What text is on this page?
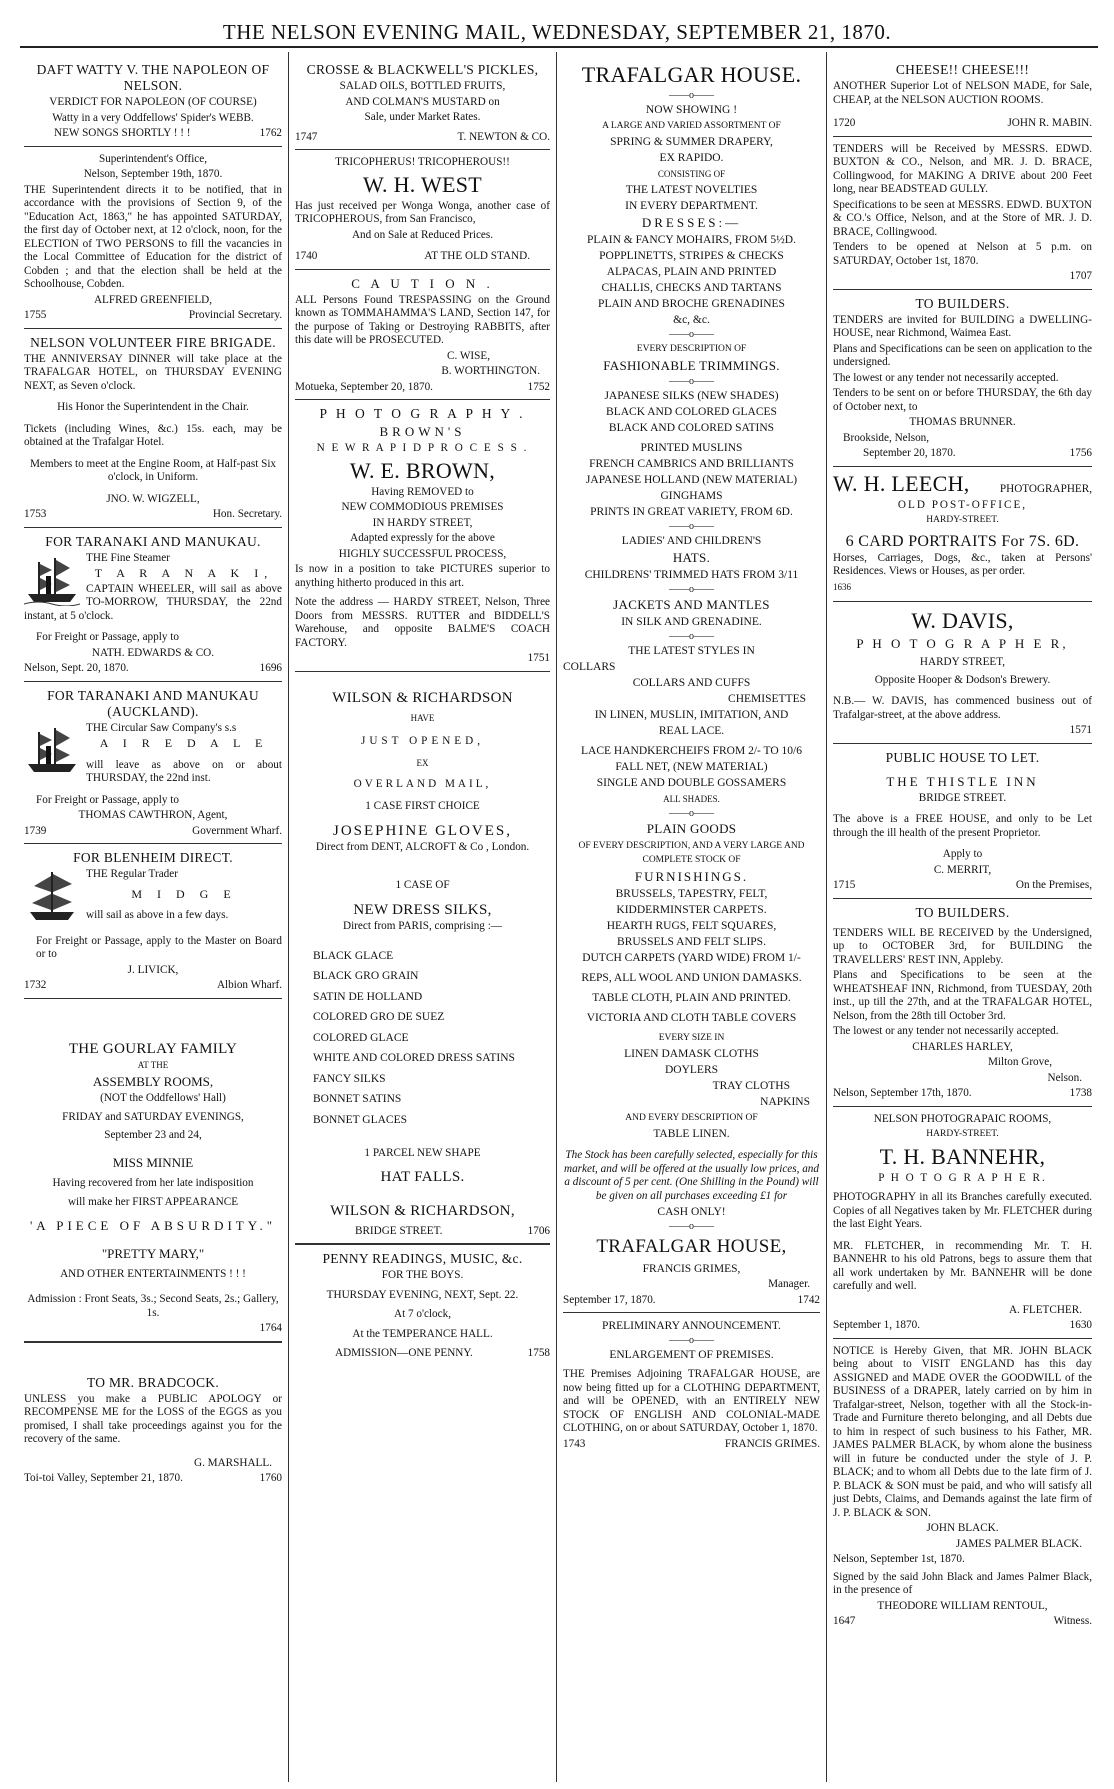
THE NELSON EVENING MAIL, WEDNESDAY, SEPTEMBER 21, 1870.
DAFT WATTY V. THE NAPOLEON OF NELSON.

VERDICT FOR NAPOLEON (OF COURSE)

Watty in a very Oddfellows' Spider's WEBB.

NEW SONGS SHORTLY ! ! !	1762

Superintendent's Office,

Nelson, September 19th, 1870.

THE Superintendent directs it to be notified, that in accordance with the provisions of Section 9, of the "Education Act, 1863," he has appointed SATURDAY, the first day of October next, at 12 o'clock, noon, for the ELECTION of TWO PERSONS to fill the vacancies in the Local Committee of Education for the district of Cobden ; and that the election shall be held at the Schoolhouse, Cobden.

ALFRED GREENFIELD,

1755	Provincial Secretary.
NELSON VOLUNTEER FIRE BRIGADE.

THE ANNIVERSAY DINNER will take place at the TRAFALGAR HOTEL, on THURSDAY EVENING NEXT, as Seven o'clock.

His Honor the Superintendent in the Chair.

Tickets (including Wines, &c.) 15s. each, may be obtained at the Trafalgar Hotel.

Members to meet at the Engine Room, at Half-past Six o'clock, in Uniform.

JNO. W. WIGZELL,

1753	Hon. Secretary.
FOR TARANAKI AND MANUKAU.

THE Fine Steamer

T A R A N A K I,

CAPTAIN WHEELER, will sail as above TO-MORROW, THURSDAY, the 22nd instant, at 5 o'clock.

For Freight or Passage, apply to

NATH. EDWARDS & CO.

Nelson, Sept. 20, 1870.	1696
FOR TARANAKI AND MANUKAU (AUCKLAND).

THE Circular Saw Company's s.s

A I R E D A L E

will leave as above on or about THURSDAY, the 22nd inst.

For Freight or Passage, apply to

THOMAS CAWTHRON, Agent,

1739	Government Wharf.
FOR BLENHEIM DIRECT.

THE Regular Trader

M I D G E

will sail as above in a few days.

For Freight or Passage, apply to the Master on Board or to

J. LIVICK,

1732	Albion Wharf.
THE GOURLAY FAMILY

AT THE

ASSEMBLY ROOMS,

(NOT the Oddfellows' Hall)

FRIDAY and SATURDAY EVENINGS,

September 23 and 24,

MISS MINNIE

Having recovered from her late indisposition

will make her FIRST APPEARANCE

'A PIECE OF ABSURDITY."

"PRETTY MARY,"

AND OTHER ENTERTAINMENTS ! ! !

Admission : Front Seats, 3s.; Second Seats, 2s.; Gallery, 1s.

1764
TO MR. BRADCOCK.

UNLESS you make a PUBLIC APOLOGY or RECOMPENSE ME for the LOSS of the EGGS as you promised, I shall take proceedings against you for the recovery of the same.

G. MARSHALL.

Toi-toi Valley, September 21, 1870.	1760
CROSSE & BLACKWELL'S PICKLES,

SALAD OILS, BOTTLED FRUITS,

AND COLMAN'S MUSTARD on

Sale, under Market Rates.

1747	T. NEWTON & CO.

TRICOPHERUS! TRICOPHEROUS!!

W. H. WEST

Has just received per Wonga Wonga, another case of TRICOPHEROUS, from San Francisco,

And on Sale at Reduced Prices.

1740	AT THE OLD STAND.
C A U T I O N .

ALL Persons Found TRESPASSING on the Ground known as TOMMAHAMMA'S LAND, Section 147, for the purpose of Taking or Destroying RABBITS, after this date will be PROSECUTED.

C. WISE,

B. WORTHINGTON.

Motueka, September 20, 1870.	1752
P H O T O G R A P H Y .

BROWN'S

N E W R A P I D P R O C E S S .

W. E. BROWN,

Having REMOVED to

NEW COMMODIOUS PREMISES

IN HARDY STREET,

Adapted expressly for the above

HIGHLY SUCCESSFUL PROCESS,

Is now in a position to take PICTURES superior to anything hitherto produced in this art.

Note the address — HARDY STREET, Nelson, Three Doors from MESSRS. RUTTER and BIDDELL'S Warehouse, and opposite BALME'S COACH FACTORY.

1751
WILSON & RICHARDSON

HAVE

JUST OPENED,

EX

OVERLAND MAIL,

1 CASE FIRST CHOICE

JOSEPHINE GLOVES,

Direct from DENT, ALCROFT & Co , London.

1 CASE OF

NEW DRESS SILKS,

Direct from PARIS, comprising :—

BLACK GLACE

BLACK GRO GRAIN

SATIN DE HOLLAND

COLORED GRO DE SUEZ

COLORED GLACE

WHITE AND COLORED DRESS SATINS

FANCY SILKS

BONNET SATINS

BONNET GLACES

1 PARCEL NEW SHAPE

HAT FALLS.
WILSON & RICHARDSON,
BRIDGE STREET.	1706
PENNY READINGS, MUSIC, &c.

FOR THE BOYS.

THURSDAY EVENING, NEXT, Sept. 22.

At 7 o'clock,

At the TEMPERANCE HALL.

ADMISSION—ONE PENNY.	1758
TRAFALGAR HOUSE.

——o——

NOW SHOWING !

A LARGE AND VARIED ASSORTMENT OF

SPRING & SUMMER DRAPERY,

EX RAPIDO.

CONSISTING OF

THE LATEST NOVELTIES

IN EVERY DEPARTMENT.

DRESSES:—

PLAIN & FANCY MOHAIRS, FROM 5½D.

POPPLINETTS, STRIPES & CHECKS

ALPACAS, PLAIN AND PRINTED

CHALLIS, CHECKS AND TARTANS

PLAIN AND BROCHE GRENADINES

&c, &c.

——o——

EVERY DESCRIPTION OF

FASHIONABLE TRIMMINGS.

——o——

JAPANESE SILKS (NEW SHADES)

BLACK AND COLORED GLACES

BLACK AND COLORED SATINS

PRINTED MUSLINS

FRENCH CAMBRICS AND BRILLIANTS

JAPANESE HOLLAND (NEW MATERIAL)

GINGHAMS

PRINTS IN GREAT VARIETY, FROM 6D.

——o——

LADIES' AND CHILDREN'S

HATS.

CHILDRENS' TRIMMED HATS FROM 3/11

——o——

JACKETS AND MANTLES

IN SILK AND GRENADINE.

——o——

THE LATEST STYLES IN

COLLARS

COLLARS AND CUFFS

CHEMISETTES

IN LINEN, MUSLIN, IMITATION, AND

REAL LACE.

LACE HANDKERCHEIFS FROM 2/- TO 10/6

FALL NET, (NEW MATERIAL)

SINGLE AND DOUBLE GOSSAMERS

ALL SHADES.

——o——

PLAIN GOODS

OF EVERY DESCRIPTION, AND A VERY LARGE AND COMPLETE STOCK OF

FURNISHINGS.

BRUSSELS, TAPESTRY, FELT,

KIDDERMINSTER CARPETS.

HEARTH RUGS, FELT SQUARES,

BRUSSELS AND FELT SLIPS.

DUTCH CARPETS (YARD WIDE) FROM 1/-

REPS, ALL WOOL AND UNION DAMASKS.

TABLE CLOTH, PLAIN AND PRINTED.

VICTORIA AND CLOTH TABLE COVERS

EVERY SIZE IN

LINEN DAMASK CLOTHS

DOYLERS

TRAY CLOTHS

NAPKINS

AND EVERY DESCRIPTION OF

TABLE LINEN.

The Stock has been carefully selected, especially for this market, and will be offered at the usually low prices, and a discount of 5 per cent. (One Shilling in the Pound) will be given on all purchases exceeding £1 for

CASH ONLY!

——o——

TRAFALGAR HOUSE,

FRANCIS GRIMES,

Manager.

September 17, 1870.	1742

PRELIMINARY ANNOUNCEMENT.

——o——

ENLARGEMENT OF PREMISES.

THE Premises Adjoining TRAFALGAR HOUSE, are now being fitted up for a CLOTHING DEPARTMENT, and will be OPENED, with an ENTIRELY NEW STOCK OF ENGLISH AND COLONIAL-MADE CLOTHING, on or about SATURDAY, October 1, 1870.

1743	FRANCIS GRIMES.
CHEESE!! CHEESE!!!

ANOTHER Superior Lot of NELSON MADE, for Sale, CHEAP, at the NELSON AUCTION ROOMS.

1720	JOHN R. MABIN.

TENDERS will be Received by MESSRS. EDWD. BUXTON & CO., Nelson, and MR. J. D. BRACE, Collingwood, for MAKING A DRIVE about 200 Feet long, near BEADSTEAD GULLY.

Specifications to be seen at MESSRS. EDWD. BUXTON & CO.'s Office, Nelson, and at the Store of MR. J. D. BRACE, Collingwood.

Tenders to be opened at Nelson at 5 p.m. on SATURDAY, October 1st, 1870.

1707
TO BUILDERS.

TENDERS are invited for BUILDING a DWELLING-HOUSE, near Richmond, Waimea East.

Plans and Specifications can be seen on application to the undersigned.

The lowest or any tender not necessarily accepted.

Tenders to be sent on or before THURSDAY, the 6th day of October next, to

THOMAS BRUNNER.

Brookside, Nelson,

September 20, 1870.	1756
W. H. LEECH,	PHOTOGRAPHER,

OLD POST-OFFICE,

HARDY-STREET.

6 CARD PORTRAITS For 7S. 6D.

Horses, Carriages, Dogs, &c., taken at Persons' Residences. Views or Houses, as per order.

1636

W. DAVIS,

P H O T O G R A P H E R,

HARDY STREET,

Opposite Hooper & Dodson's Brewery.

N.B.— W. DAVIS, has commenced business out of Trafalgar-street, at the above address.

1571
PUBLIC HOUSE TO LET.
THE THISTLE INN

BRIDGE STREET.

The above is a FREE HOUSE, and only to be Let through the ill health of the present Proprietor.

Apply to

C. MERRIT,

1715	On the Premises,
TO BUILDERS.

TENDERS WILL BE RECEIVED by the Undersigned, up to OCTOBER 3rd, for BUILDING the TRAVELLERS' REST INN, Appleby.

Plans and Specifications to be seen at the WHEATSHEAF INN, Richmond, from TUESDAY, 20th inst., up till the 27th, and at the TRAFALGAR HOTEL, Nelson, from the 28th till October 3rd.

The lowest or any tender not necessarily accepted.

CHARLES HARLEY,

Milton Grove,

Nelson.

Nelson, September 17th, 1870.	1738

NELSON PHOTOGRAPAIC ROOMS,

HARDY-STREET.

T. H. BANNEHR,

P H O T O G R A P H E R.

PHOTOGRAPHY in all its Branches carefully executed. Copies of all Negatives taken by Mr. FLETCHER during the last Eight Years.

MR. FLETCHER, in recommending Mr. T. H. BANNEHR to his old Patrons, begs to assure them that all work undertaken by Mr. BANNEHR will be done carefully and well.

A. FLETCHER.

September 1, 1870.	1630

NOTICE is Hereby Given, that MR. JOHN BLACK being about to VISIT ENGLAND has this day ASSIGNED and MADE OVER the GOODWILL of the BUSINESS of a DRAPER, lately carried on by him in Trafalgar-street, Nelson, together with all the Stock-in-Trade and Furniture thereto belonging, and all Debts due to him in respect of such business to his Father, MR. JAMES PALMER BLACK, by whom alone the business will in future be conducted under the style of J. P. BLACK; and to whom all Debts due to the late firm of J. P. BLACK & SON must be paid, and who will satisfy all just Debts, Claims, and Demands against the late firm of J. P. BLACK & SON.

JOHN BLACK.

JAMES PALMER BLACK.

Nelson, September 1st, 1870.

Signed by the said John Black and James Palmer Black, in the presence of

THEODORE WILLIAM RENTOUL,

1647	Witness.
